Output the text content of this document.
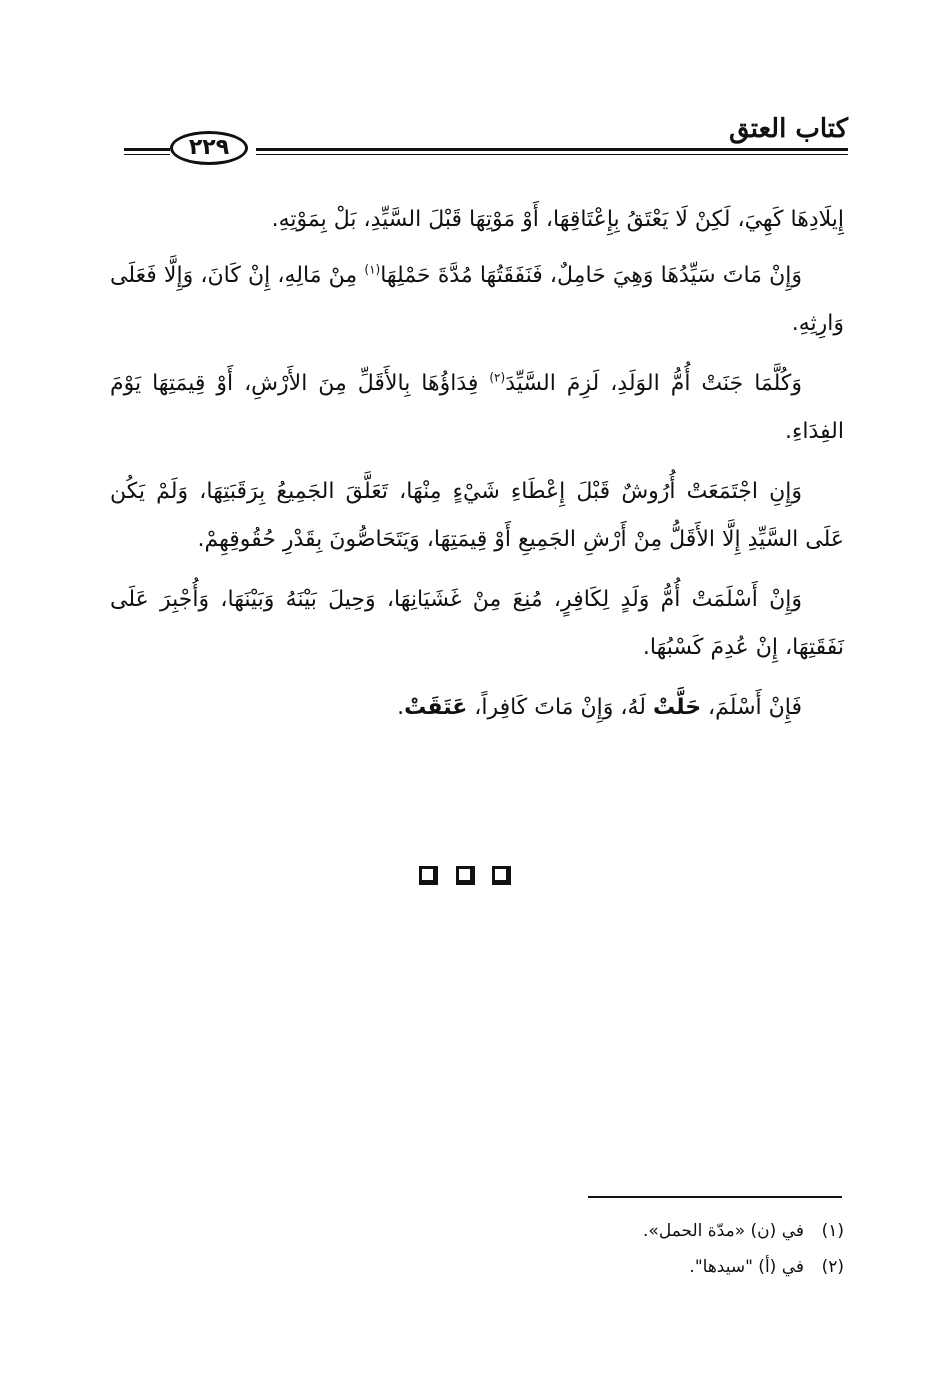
كتاب العتق
٢٢٩

إِيلَادِهَا كَهِيَ، لَكِنْ لَا يَعْتَقُ بِإِعْتَاقِهَا، أَوْ مَوْتِهَا قَبْلَ السَّيِّدِ، بَلْ بِمَوْتِهِ.

وَإِنْ مَاتَ سَيِّدُهَا وَهِيَ حَامِلٌ، فَنَفَقَتُهَا مُدَّةَ حَمْلِهَا$^{(١)}$ مِنْ مَالِهِ، إِنْ كَانَ، وَإِلَّا فَعَلَى وَارِثِهِ.

وَكُلَّمَا جَنَتْ أُمُّ الوَلَدِ، لَزِمَ السَّيِّدَ$^{(٢)}$ فِدَاؤُهَا بِالأَقَلِّ مِنَ الأَرْشِ، أَوْ قِيمَتِهَا يَوْمَ الفِدَاءِ.

وَإِنِ اجْتَمَعَتْ أُرُوشٌ قَبْلَ إِعْطَاءِ شَيْءٍ مِنْهَا، تَعَلَّقَ الجَمِيعُ بِرَقَبَتِهَا، وَلَمْ يَكُن عَلَى السَّيِّدِ إِلَّا الأَقَلُّ مِنْ أَرْشِ الجَمِيعِ أَوْ قِيمَتِهَا، وَيَتَحَاصُّونَ بِقَدْرِ حُقُوقِهِمْ.

وَإِنْ أَسْلَمَتْ أُمُّ وَلَدٍ لِكَافِرٍ، مُنِعَ مِنْ غَشَيَانِهَا، وَحِيلَ بَيْنَهُ وَبَيْنَهَا، وَأُجْبِرَ عَلَى نَفَقَتِهَا، إِنْ عُدِمَ كَسْبُهَا.

فَإِنْ أَسْلَمَ، حَلَّتْ لَهُ، وَإِنْ مَاتَ كَافِراً، عَتَقَتْ.

(١)في (ن) «مدّة الحمل».
(٢)في (أ) "سيدها".
